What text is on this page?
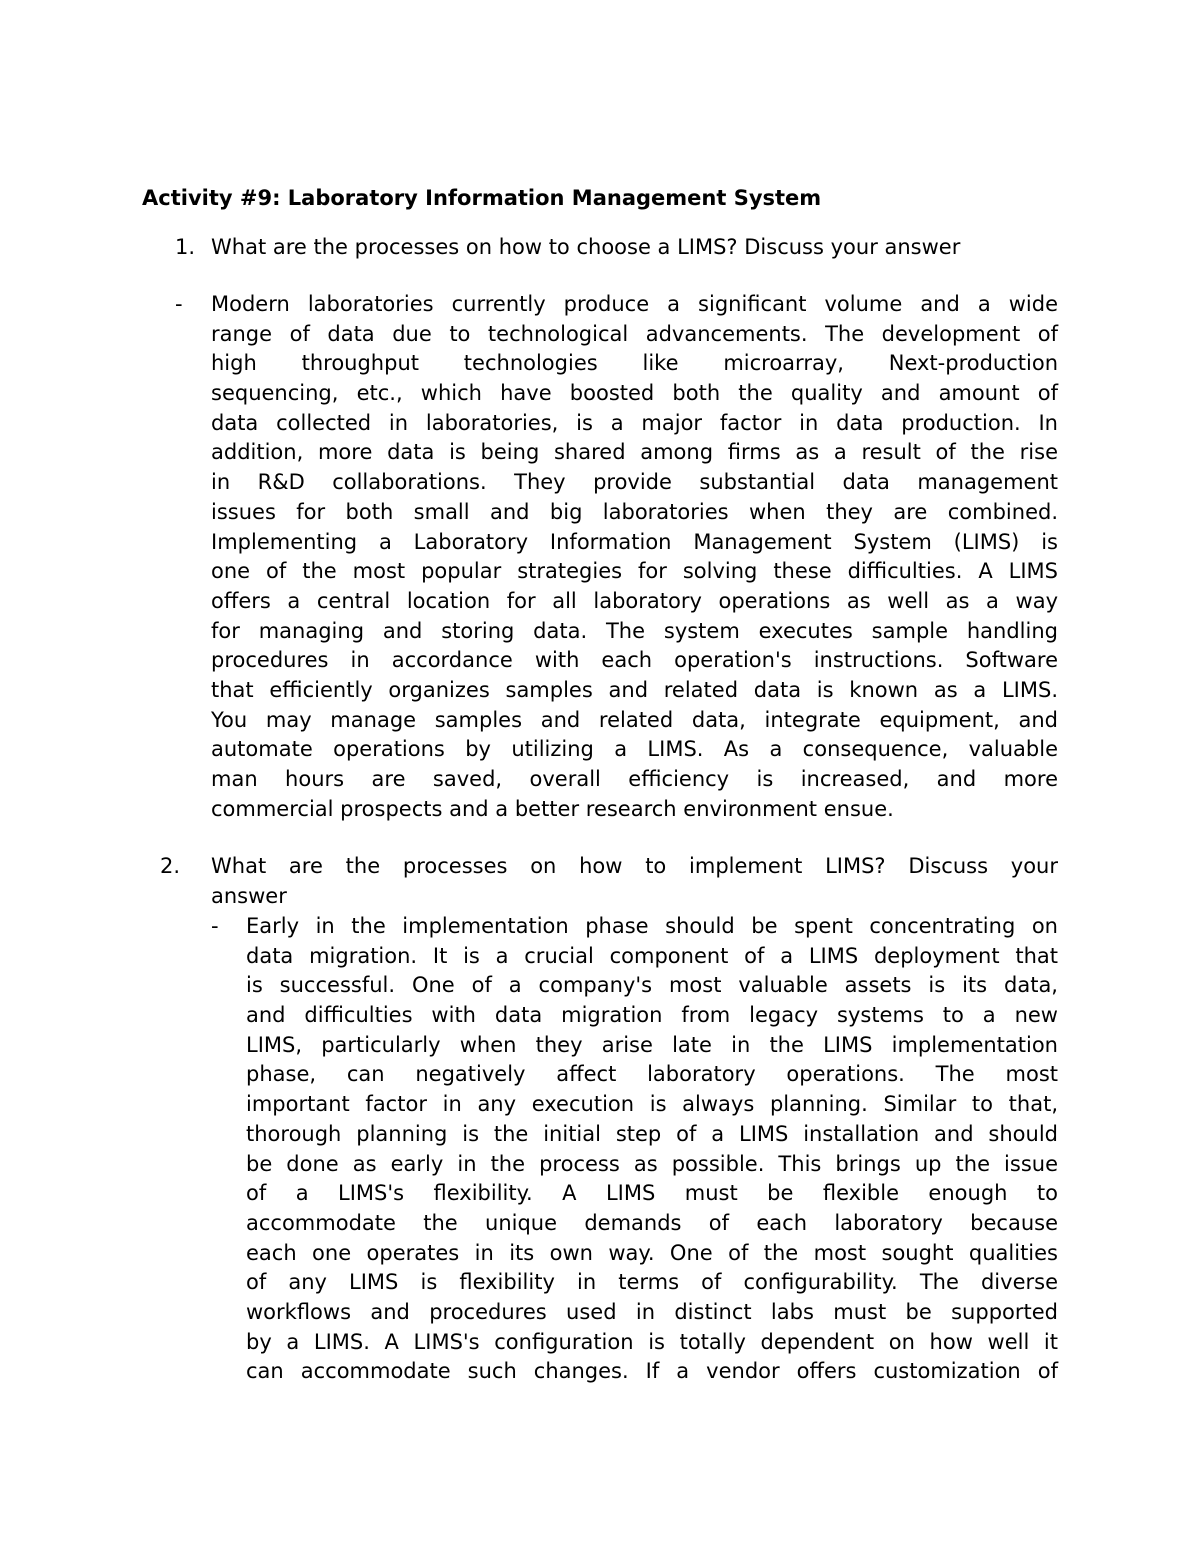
Activity #9: Laboratory Information Management System
1. What are the processes on how to choose a LIMS? Discuss your answer
- Modern laboratories currently produce a significant volume and a wide
range of data due to technological advancements. The development of
high throughput technologies like microarray, Next-production
sequencing, etc., which have boosted both the quality and amount of
data collected in laboratories, is a major factor in data production. In
addition, more data is being shared among firms as a result of the rise
in R&D collaborations. They provide substantial data management
issues for both small and big laboratories when they are combined.
Implementing a Laboratory Information Management System (LIMS) is
one of the most popular strategies for solving these difficulties. A LIMS
offers a central location for all laboratory operations as well as a way
for managing and storing data. The system executes sample handling
procedures in accordance with each operation's instructions. Software
that efficiently organizes samples and related data is known as a LIMS.
You may manage samples and related data, integrate equipment, and
automate operations by utilizing a LIMS. As a consequence, valuable
man hours are saved, overall efficiency is increased, and more
commercial prospects and a better research environment ensue.
2. What are the processes on how to implement LIMS? Discuss your
answer
- Early in the implementation phase should be spent concentrating on
data migration. It is a crucial component of a LIMS deployment that
is successful. One of a company's most valuable assets is its data,
and difficulties with data migration from legacy systems to a new
LIMS, particularly when they arise late in the LIMS implementation
phase, can negatively affect laboratory operations. The most
important factor in any execution is always planning. Similar to that,
thorough planning is the initial step of a LIMS installation and should
be done as early in the process as possible. This brings up the issue
of a LIMS's flexibility. A LIMS must be flexible enough to
accommodate the unique demands of each laboratory because
each one operates in its own way. One of the most sought qualities
of any LIMS is flexibility in terms of configurability. The diverse
workflows and procedures used in distinct labs must be supported
by a LIMS. A LIMS's configuration is totally dependent on how well it
can accommodate such changes. If a vendor offers customization of
